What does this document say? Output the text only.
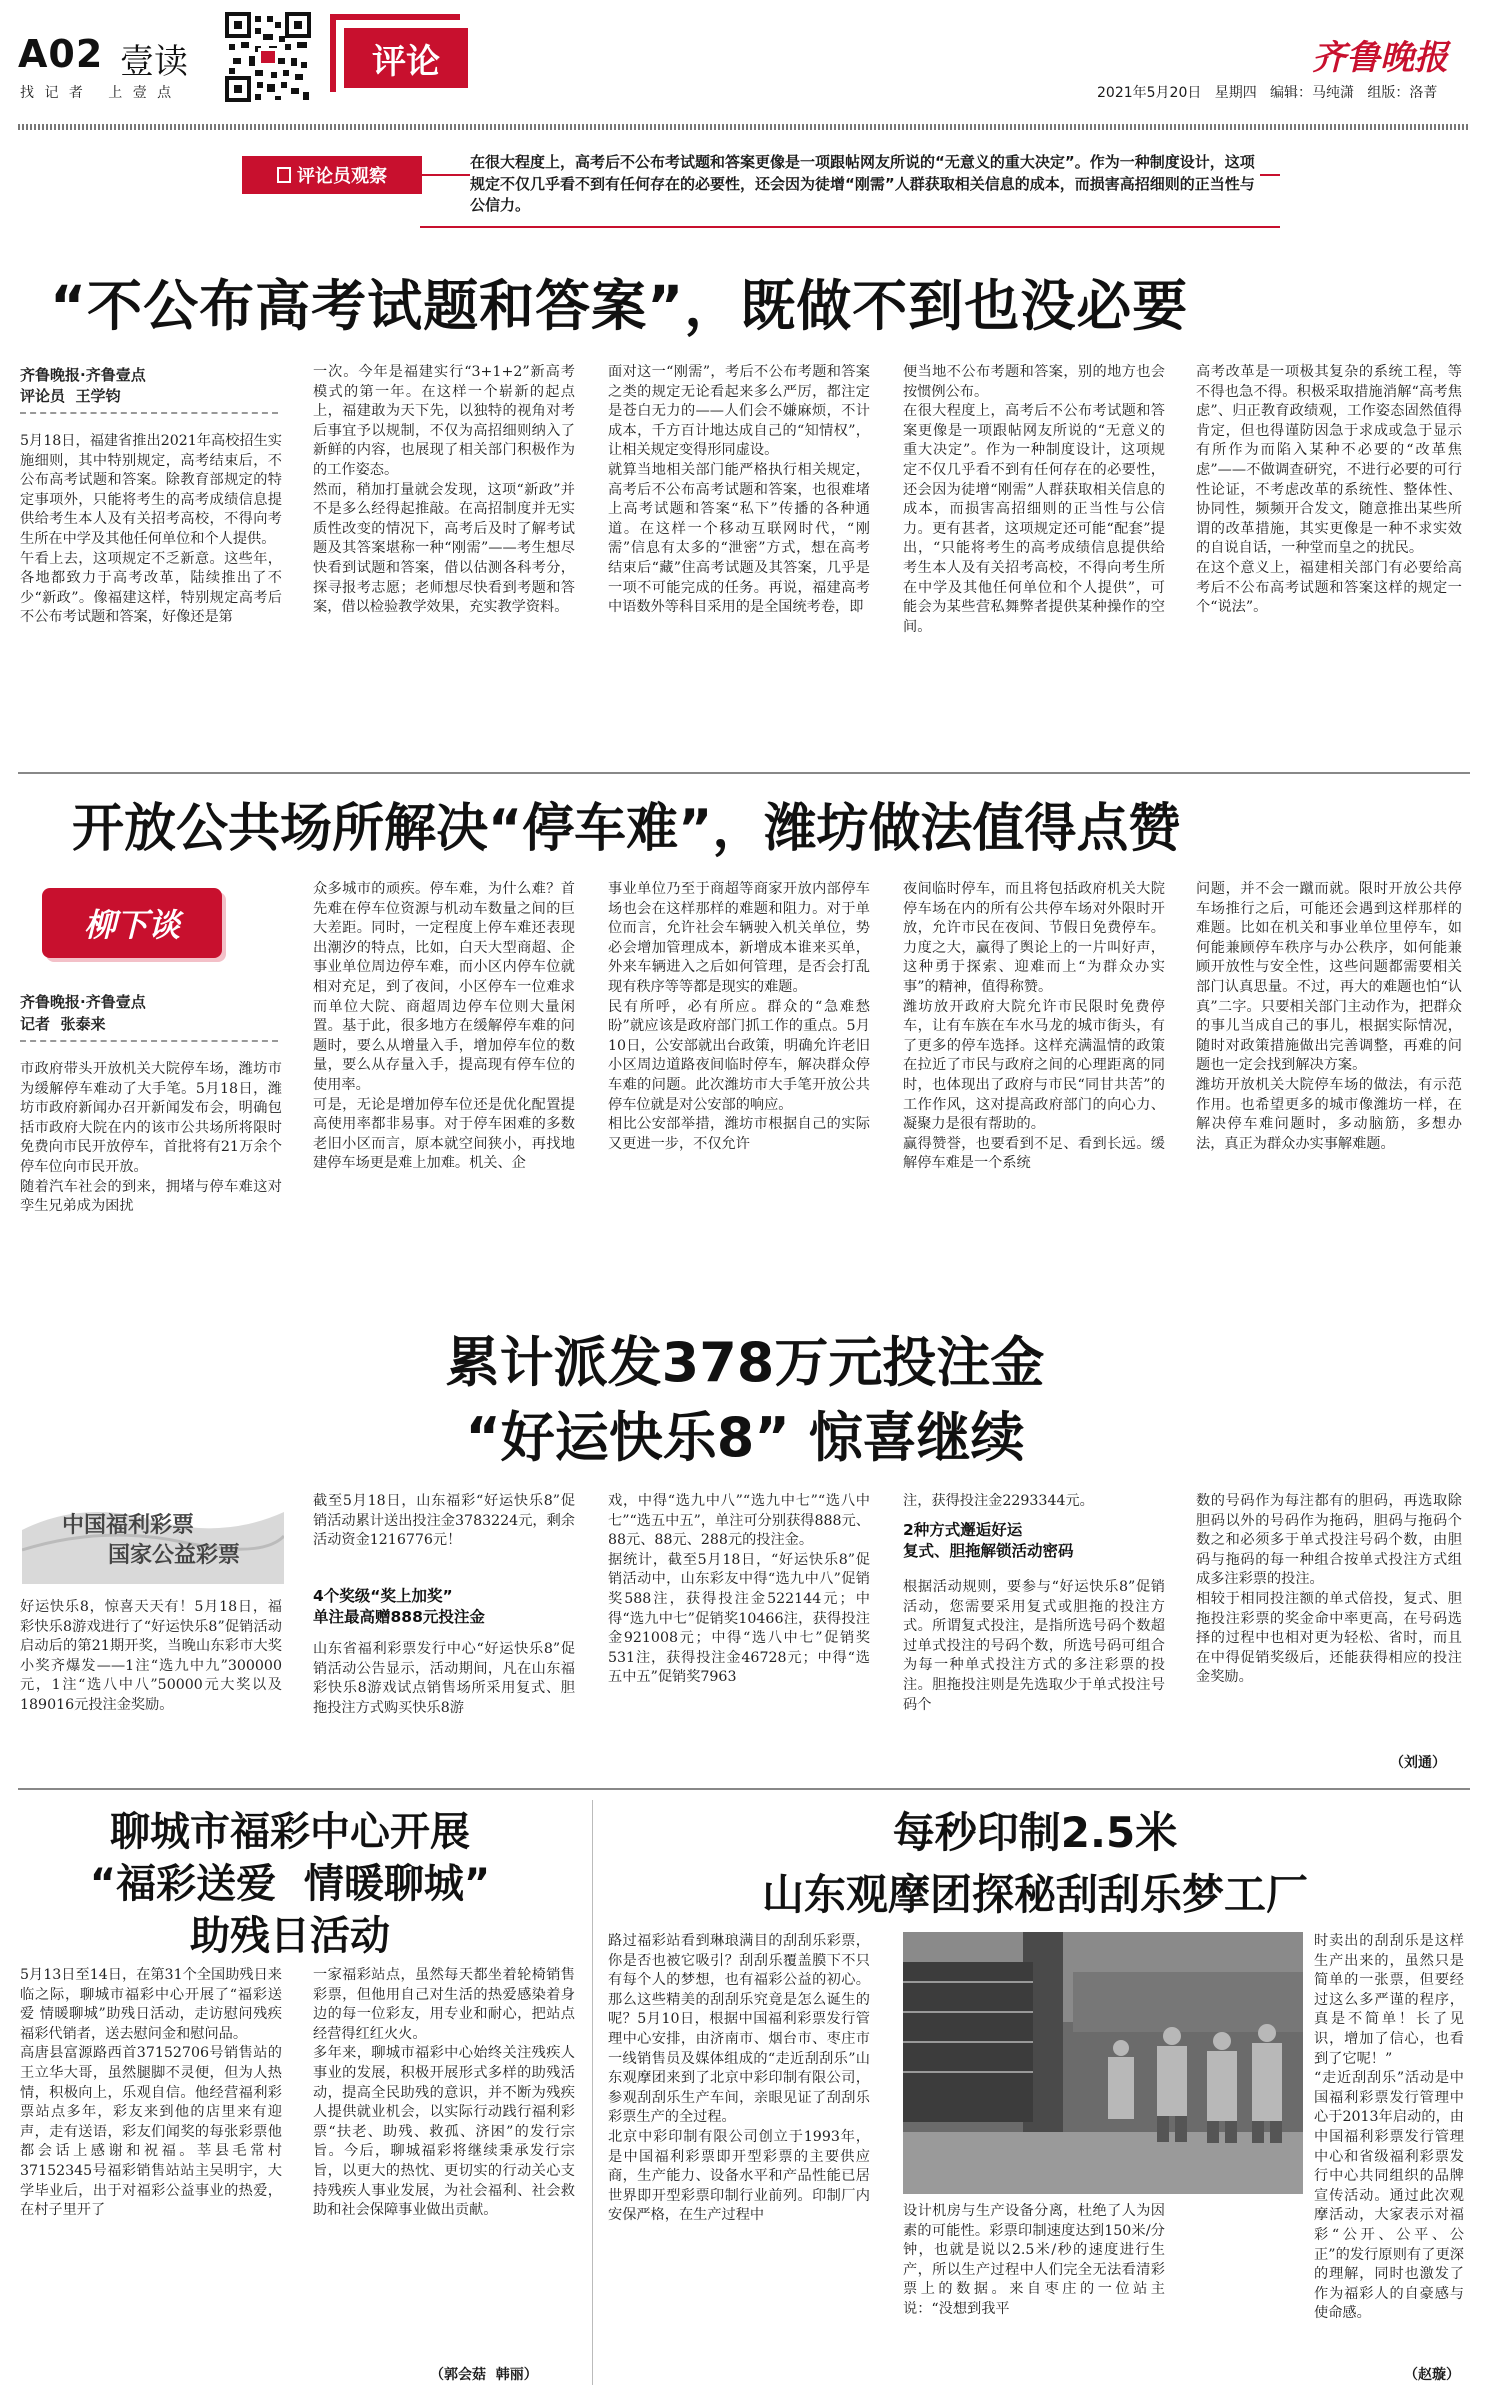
A02 壹读
找 记 者   上 壹 点
评论	齐鲁晚报
2021年5月20日   星期四   编辑：马纯潇   组版：洛菁
评论员观察
在很大程度上，高考后不公布考试题和答案更像是一项跟帖网友所说的“无意义的重大决定”。作为一种制度设计，这项规定不仅几乎看不到有任何存在的必要性，还会因为徒增“刚需”人群获取相关信息的成本，而损害高招细则的正当性与公信力。
“不公布高考试题和答案”，既做不到也没必要
齐鲁晚报·齐鲁壹点
评论员  王学钧
5月18日，福建省推出2021年高校招生实施细则，其中特别规定，高考结束后，不公布高考试题和答案。除教育部规定的特定事项外，只能将考生的高考成绩信息提供给考生本人及有关招考高校，不得向考生所在中学及其他任何单位和个人提供。
午看上去，这项规定不乏新意。这些年，各地都致力于高考改革，陆续推出了不少“新政”。像福建这样，特别规定高考后不公布考试题和答案，好像还是第
一次。今年是福建实行“3+1+2”新高考模式的第一年。在这样一个崭新的起点上，福建敢为天下先，以独特的视角对考后事宜予以规制，不仅为高招细则纳入了新鲜的内容，也展现了相关部门积极作为的工作姿态。
然而，稍加打量就会发现，这项“新政”并不是多么经得起推敲。在高招制度并无实质性改变的情况下，高考后及时了解考试题及其答案堪称一种“刚需”——考生想尽快看到试题和答案，借以估测各科考分，探寻报考志愿；老师想尽快看到考题和答案，借以检验教学效果，充实教学资料。
面对这一“刚需”，考后不公布考题和答案之类的规定无论看起来多么严厉，都注定是苍白无力的——人们会不嫌麻烦，不计成本，千方百计地达成自己的“知情权”，让相关规定变得形同虚设。
就算当地相关部门能严格执行相关规定，高考后不公布高考试题和答案，也很难堵上高考试题和答案“私下”传播的各种通道。在这样一个移动互联网时代，“刚需”信息有太多的“泄密”方式，想在高考结束后“藏”住高考试题及其答案，几乎是一项不可能完成的任务。再说，福建高考中语数外等科目采用的是全国统考卷，即
便当地不公布考题和答案，别的地方也会按惯例公布。
在很大程度上，高考后不公布考试题和答案更像是一项跟帖网友所说的“无意义的重大决定”。作为一种制度设计，这项规定不仅几乎看不到有任何存在的必要性，还会因为徒增“刚需”人群获取相关信息的成本，而损害高招细则的正当性与公信力。更有甚者，这项规定还可能“配套”提出，“只能将考生的高考成绩信息提供给考生本人及有关招考高校，不得向考生所在中学及其他任何单位和个人提供”，可能会为某些营私舞弊者提供某种操作的空间。
高考改革是一项极其复杂的系统工程，等不得也急不得。积极采取措施消解“高考焦虑”、归正教育政绩观，工作姿态固然值得肯定，但也得谨防因急于求成或急于显示有所作为而陷入某种不必要的“改革焦虑”——不做调查研究，不进行必要的可行性论证，不考虑改革的系统性、整体性、协同性，频频开合发文，随意推出某些所谓的改革措施，其实更像是一种不求实效的自说自话，一种堂而皇之的扰民。
在这个意义上，福建相关部门有必要给高考后不公布高考试题和答案这样的规定一个“说法”。
开放公共场所解决“停车难”，潍坊做法值得点赞
柳下谈
齐鲁晚报·齐鲁壹点
记者  张泰来
市政府带头开放机关大院停车场，潍坊市为缓解停车难动了大手笔。5月18日，潍坊市政府新闻办召开新闻发布会，明确包括市政府大院在内的该市公共场所将限时免费向市民开放停车，首批将有21万余个停车位向市民开放。
随着汽车社会的到来，拥堵与停车难这对孪生兄弟成为困扰
众多城市的顽疾。停车难，为什么难？首先难在停车位资源与机动车数量之间的巨大差距。同时，一定程度上停车难还表现出潮汐的特点，比如，白天大型商超、企事业单位周边停车难，而小区内停车位就相对充足，到了夜间，小区停车一位难求而单位大院、商超周边停车位则大量闲置。基于此，很多地方在缓解停车难的问题时，要么从增量入手，增加停车位的数量，要么从存量入手，提高现有停车位的使用率。
可是，无论是增加停车位还是优化配置提高使用率都非易事。对于停车困难的多数老旧小区而言，原本就空间狭小，再找地建停车场更是难上加难。机关、企
事业单位乃至于商超等商家开放内部停车场也会在这样那样的难题和阻力。对于单位而言，允许社会车辆驶入机关单位，势必会增加管理成本，新增成本谁来买单，外来车辆进入之后如何管理，是否会打乱现有秩序等等都是现实的难题。
民有所呼，必有所应。群众的“急难愁盼”就应该是政府部门抓工作的重点。5月10日，公安部就出台政策，明确允许老旧小区周边道路夜间临时停车，解决群众停车难的问题。此次潍坊市大手笔开放公共停车位就是对公安部的响应。
相比公安部举措，潍坊市根据自己的实际又更进一步，不仅允许
夜间临时停车，而且将包括政府机关大院停车场在内的所有公共停车场对外限时开放，允许市民在夜间、节假日免费停车。力度之大，赢得了舆论上的一片叫好声，这种勇于探索、迎难而上“为群众办实事”的精神，值得称赞。
潍坊放开政府大院允许市民限时免费停车，让有车族在车水马龙的城市街头，有了更多的停车选择。这样充满温情的政策在拉近了市民与政府之间的心理距离的同时，也体现出了政府与市民“同甘共苦”的工作作风，这对提高政府部门的向心力、凝聚力是很有帮助的。
赢得赞誉，也要看到不足、看到长远。缓解停车难是一个系统
问题，并不会一蹴而就。限时开放公共停车场推行之后，可能还会遇到这样那样的难题。比如在机关和事业单位里停车，如何能兼顾停车秩序与办公秩序，如何能兼顾开放性与安全性，这些问题都需要相关部门认真思量。不过，再大的难题也怕“认真”二字。只要相关部门主动作为，把群众的事儿当成自己的事儿，根据实际情况，随时对政策措施做出完善调整，再难的问题也一定会找到解决方案。
潍坊开放机关大院停车场的做法，有示范作用。也希望更多的城市像潍坊一样，在解决停车难问题时，多动脑筋，多想办法，真正为群众办实事解难题。
累计派发378万元投注金
“好运快乐8” 惊喜继续
中国福利彩票
国家公益彩票
好运快乐8，惊喜天天有！5月18日，福彩快乐8游戏进行了“好运快乐8”促销活动启动后的第21期开奖，当晚山东彩市大奖小奖齐爆发——1注“选九中九”300000元，1注“选八中八”50000元大奖以及189016元投注金奖励。
截至5月18日，山东福彩“好运快乐8”促销活动累计送出投注金3783224元，剩余活动资金1216776元！
4个奖级“奖上加奖”
单注最高赠888元投注金
山东省福利彩票发行中心“好运快乐8”促销活动公告显示，活动期间，凡在山东福彩快乐8游戏试点销售场所采用复式、胆拖投注方式购买快乐8游
戏，中得“选九中八”“选九中七”“选八中七”“选五中五”，单注可分别获得888元、88元、88元、288元的投注金。
据统计，截至5月18日，“好运快乐8”促销活动中，山东彩友中得“选九中八”促销奖588注，获得投注金522144元；中得“选九中七”促销奖10466注，获得投注金921008元；中得“选八中七”促销奖531注，获得投注金46728元；中得“选五中五”促销奖7963
注，获得投注金2293344元。
2种方式邂逅好运
复式、胆拖解锁活动密码
根据活动规则，要参与“好运快乐8”促销活动，您需要采用复式或胆拖的投注方式。所谓复式投注，是指所选号码个数超过单式投注的号码个数，所选号码可组合为每一种单式投注方式的多注彩票的投注。胆拖投注则是先选取少于单式投注号码个
数的号码作为每注都有的胆码，再选取除胆码以外的号码作为拖码，胆码与拖码个数之和必须多于单式投注号码个数，由胆码与拖码的每一种组合按单式投注方式组成多注彩票的投注。
相较于相同投注额的单式倍投，复式、胆拖投注彩票的奖金命中率更高，在号码选择的过程中也相对更为轻松、省时，而且在中得促销奖级后，还能获得相应的投注金奖励。
（刘通）
聊城市福彩中心开展
“福彩送爱  情暖聊城”
助残日活动
5月13日至14日，在第31个全国助残日来临之际，聊城市福彩中心开展了“福彩送爱 情暖聊城”助残日活动，走访慰问残疾福彩代销者，送去慰问金和慰问品。
高唐县富源路西首37152706号销售站的王立华大哥，虽然腿脚不灵便，但为人热情，积极向上，乐观自信。他经营福利彩票站点多年，彩友来到他的店里来有迎声，走有送语，彩友们闻奖的每张彩票他都会话上感谢和祝福。莘县毛常村37152345号福彩销售站站主吴明宇，大学毕业后，出于对福彩公益事业的热爱，在村子里开了
一家福彩站点，虽然每天都坐着轮椅销售彩票，但他用自己对生活的热爱感染着身边的每一位彩友，用专业和耐心，把站点经营得红红火火。
多年来，聊城市福彩中心始终关注残疾人事业的发展，积极开展形式多样的助残活动，提高全民助残的意识，并不断为残疾人提供就业机会，以实际行动践行福利彩票“扶老、助残、救孤、济困”的发行宗旨。今后，聊城福彩将继续秉承发行宗旨，以更大的热忱、更切实的行动关心支持残疾人事业发展，为社会福利、社会救助和社会保障事业做出贡献。
（郭会菇  韩丽）
每秒印制2.5米
山东观摩团探秘刮刮乐梦工厂
路过福彩站看到琳琅满目的刮刮乐彩票，你是否也被它吸引？刮刮乐覆盖膜下不只有每个人的梦想，也有福彩公益的初心。那么这些精美的刮刮乐究竟是怎么诞生的呢？5月10日，根据中国福利彩票发行管理中心安排，由济南市、烟台市、枣庄市一线销售员及媒体组成的“走近刮刮乐”山东观摩团来到了北京中彩印制有限公司，参观刮刮乐生产车间，亲眼见证了刮刮乐彩票生产的全过程。
北京中彩印制有限公司创立于1993年，是中国福利彩票即开型彩票的主要供应商，生产能力、设备水平和产品性能已居世界即开型彩票印制行业前列。印制厂内安保严格，在生产过程中	设计机房与生产设备分离，杜绝了人为因素的可能性。彩票印制速度达到150米/分钟，也就是说以2.5米/秒的速度进行生产，所以生产过程中人们完全无法看清彩票上的数据。来自枣庄的一位站主说：“没想到我平
时卖出的刮刮乐是这样生产出来的，虽然只是简单的一张票，但要经过这么多严谨的程序，真是不简单！长了见识，增加了信心，也看到了它呢！”
“走近刮刮乐”活动是中国福利彩票发行管理中心于2013年启动的，由中国福利彩票发行管理中心和省级福利彩票发行中心共同组织的品牌宣传活动。通过此次观摩活动，大家表示对福彩“公开、公平、公正”的发行原则有了更深的理解，同时也激发了作为福彩人的自豪感与使命感。
（赵璇）
